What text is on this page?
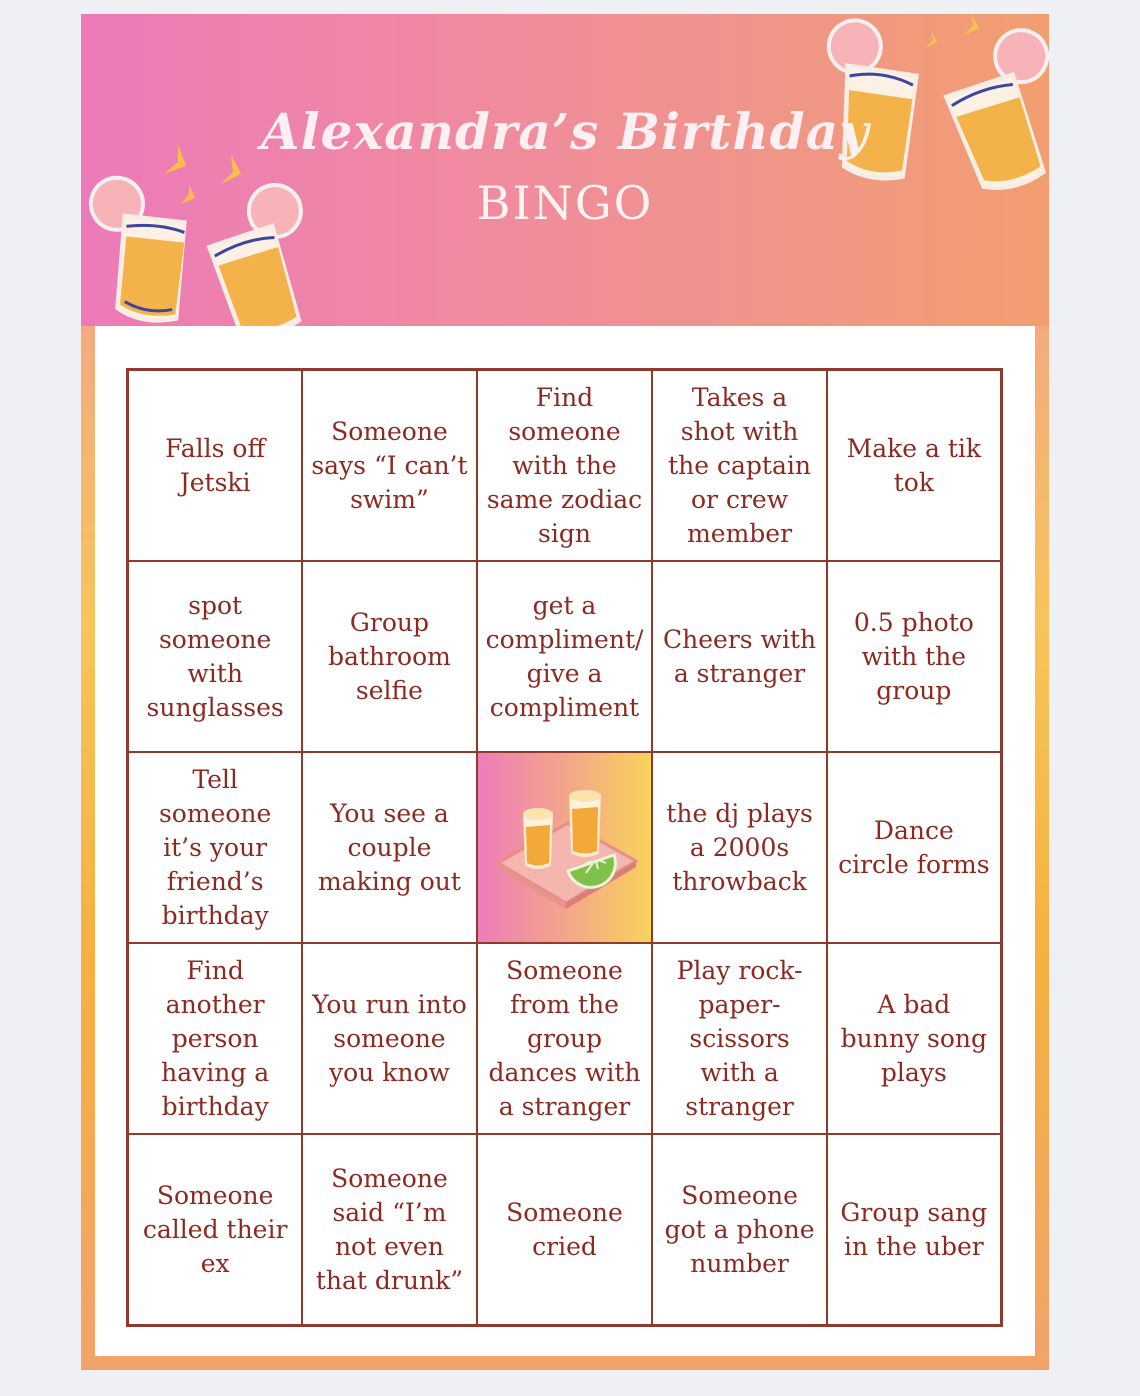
Alexandra’s Birthday
BINGO
Falls off Jetski
Someone says “I can’t swim”
Find someone with the same zodiac sign
Takes a shot with the captain or crew member
Make a tik tok
spot someone with sunglasses
Group bathroom selfie
get a compliment/ give a compliment
Cheers with a stranger
0.5 photo with the group
Tell someone it’s your friend’s birthday
You see a couple making out
the dj plays a 2000s throwback
Dance circle forms
Find another person having a birthday
You run into someone you know
Someone from the group dances with a stranger
Play rock-paper-scissors with a stranger
A bad bunny song plays
Someone called their ex
Someone said “I’m not even that drunk”
Someone cried
Someone got a phone number
Group sang in the uber
